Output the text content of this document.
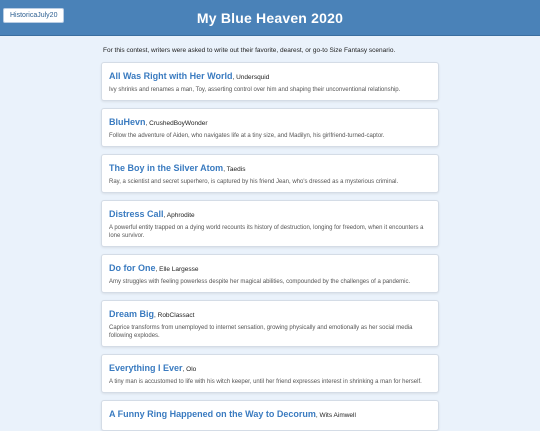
HistoricaJuly20	My Blue Heaven 2020

For this contest, writers were asked to write out their favorite, dearest, or go-to Size Fantasy scenario.

All Was Right with Her World, Undersquid
Ivy shrinks and renames a man, Toy, asserting control over him and shaping their unconventional relationship.
BluHevn, CrushedBoyWonder
Follow the adventure of Aiden, who navigates life at a tiny size, and Madilyn, his girlfriend-turned-captor.
The Boy in the Silver Atom, Taedis
Ray, a scientist and secret superhero, is captured by his friend Jean, who's dressed as a mysterious criminal.
Distress Call, Aphrodite
A powerful entity trapped on a dying world recounts its history of destruction, longing for freedom, when it encounters a lone survivor.
Do for One, Elle Largesse
Amy struggles with feeling powerless despite her magical abilities, compounded by the challenges of a pandemic.
Dream Big, RobClassact
Caprice transforms from unemployed to internet sensation, growing physically and emotionally as her social media following explodes.
Everything I Ever, Olo
A tiny man is accustomed to life with his witch keeper, until her friend expresses interest in shrinking a man for herself.
A Funny Ring Happened on the Way to Decorum, Wits Aimwell
